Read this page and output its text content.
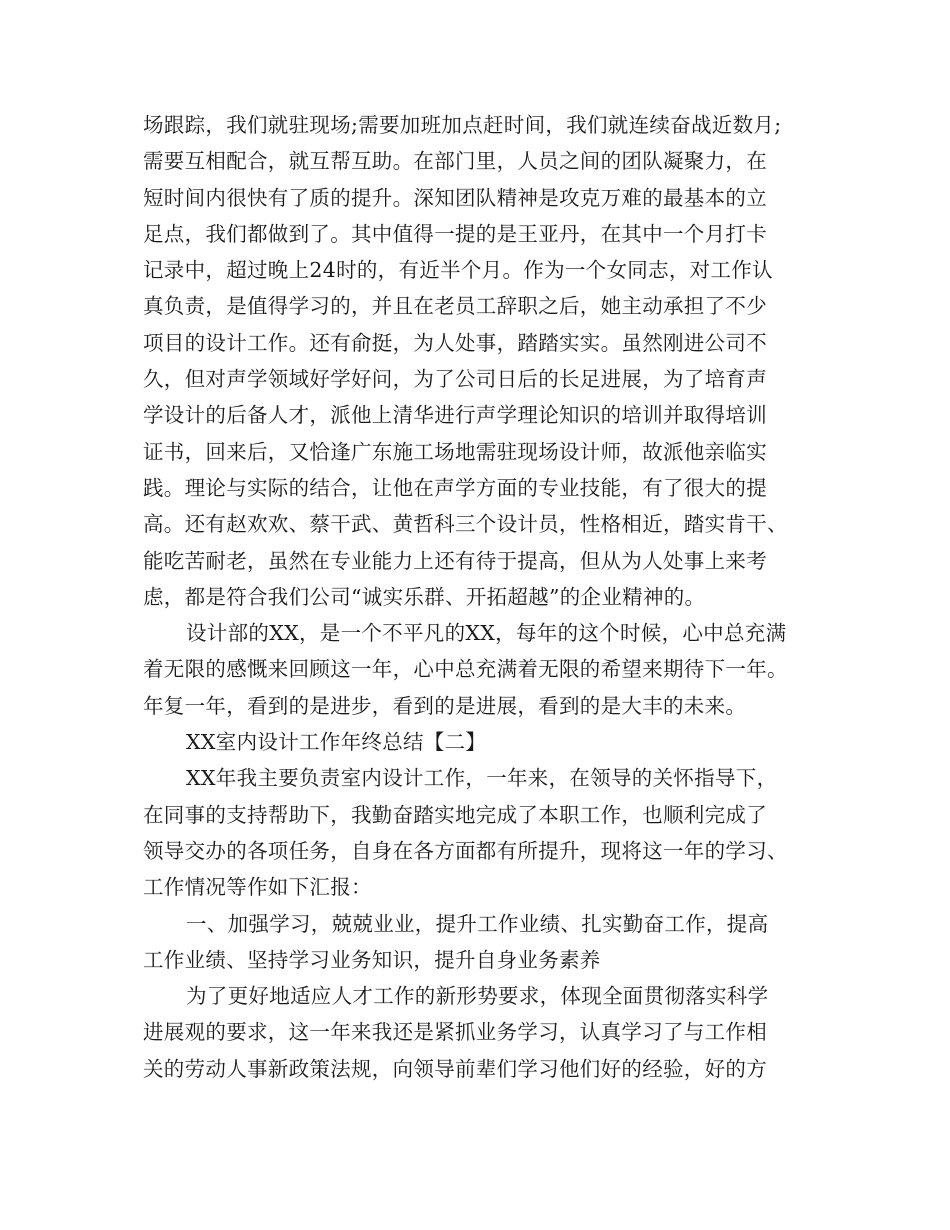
场跟踪，我们就驻现场;需要加班加点赶时间，我们就连续奋战近数月;
需要互相配合，就互帮互助。在部门里，人员之间的团队凝聚力，在
短时间内很快有了质的提升。深知团队精神是攻克万难的最基本的立
足点，我们都做到了。其中值得一提的是王亚丹，在其中一个月打卡
记录中，超过晚上24时的，有近半个月。作为一个女同志，对工作认
真负责，是值得学习的，并且在老员工辞职之后，她主动承担了不少
项目的设计工作。还有俞挺，为人处事，踏踏实实。虽然刚进公司不
久，但对声学领域好学好问，为了公司日后的长足进展，为了培育声
学设计的后备人才，派他上清华进行声学理论知识的培训并取得培训
证书，回来后，又恰逢广东施工场地需驻现场设计师，故派他亲临实
践。理论与实际的结合，让他在声学方面的专业技能，有了很大的提
高。还有赵欢欢、蔡干武、黄哲科三个设计员，性格相近，踏实肯干、
能吃苦耐老，虽然在专业能力上还有待于提高，但从为人处事上来考
虑，都是符合我们公司“诚实乐群、开拓超越”的企业精神的。
设计部的XX，是一个不平凡的XX，每年的这个时候，心中总充满
着无限的感慨来回顾这一年，心中总充满着无限的希望来期待下一年。
年复一年，看到的是进步，看到的是进展，看到的是大丰的未来。
XX室内设计工作年终总结【二】
XX年我主要负责室内设计工作，一年来，在领导的关怀指导下，
在同事的支持帮助下，我勤奋踏实地完成了本职工作，也顺利完成了
领导交办的各项任务，自身在各方面都有所提升，现将这一年的学习、
工作情况等作如下汇报：
一、加强学习，兢兢业业，提升工作业绩、扎实勤奋工作，提高
工作业绩、坚持学习业务知识，提升自身业务素养
为了更好地适应人才工作的新形势要求，体现全面贯彻落实科学
进展观的要求，这一年来我还是紧抓业务学习，认真学习了与工作相
关的劳动人事新政策法规，向领导前辈们学习他们好的经验，好的方
